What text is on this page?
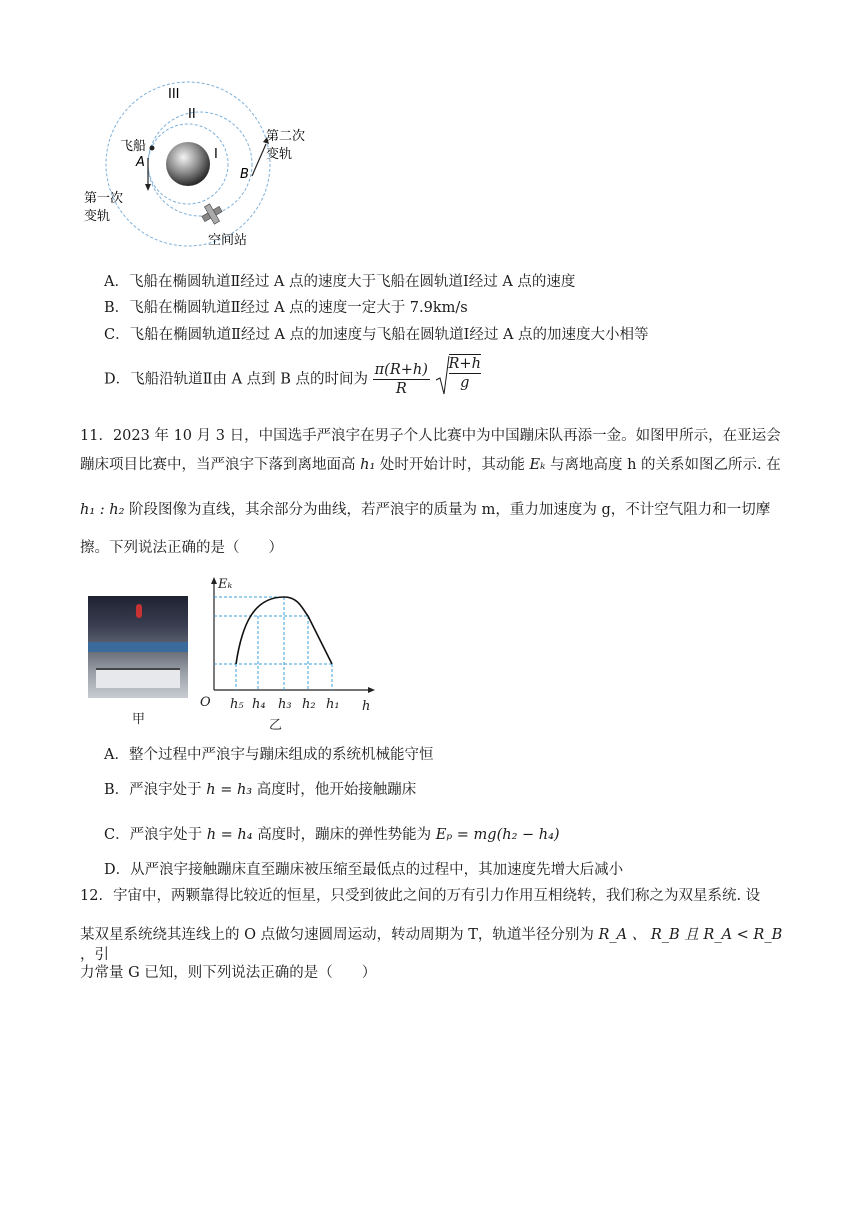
III
II
I
飞船
A
B
第二次
变轨
第一次
变轨
空间站
A．飞船在椭圆轨道Ⅱ经过 A 点的速度大于飞船在圆轨道Ⅰ经过 A 点的速度
B．飞船在椭圆轨道Ⅱ经过 A 点的速度一定大于 7.9km/s
C．飞船在椭圆轨道Ⅱ经过 A 点的加速度与飞船在圆轨道Ⅰ经过 A 点的加速度大小相等
D．飞船沿轨道Ⅱ由 A 点到 B 点的时间为 $\frac{\pi(R+h)}{R}$
$\frac{R+h}{g}$
11．2023 年 10 月 3 日，中国选手严浪宇在男子个人比赛中为中国蹦床队再添一金。如图甲所示，在亚运会
蹦床项目比赛中，当严浪宇下落到离地面高 h₁ 处时开始计时，其动能 Eₖ 与离地高度 h 的关系如图乙所示. 在
h₁ : h₂ 阶段图像为直线，其余部分为曲线，若严浪宇的质量为 m，重力加速度为 g，不计空气阻力和一切摩
擦。下列说法正确的是（　　）
甲
Eₖ
h
O h₅ h₄ h₃ h₂ h₁
乙
A．整个过程中严浪宇与蹦床组成的系统机械能守恒
B．严浪宇处于 h = h₃ 高度时，他开始接触蹦床
C．严浪宇处于 h = h₄ 高度时，蹦床的弹性势能为 Eₚ = mg(h₂ − h₄)
D．从严浪宇接触蹦床直至蹦床被压缩至最低点的过程中，其加速度先增大后减小
12．宇宙中，两颗靠得比较近的恒星，只受到彼此之间的万有引力作用互相绕转，我们称之为双星系统. 设
某双星系统绕其连线上的 O 点做匀速圆周运动，转动周期为 T，轨道半径分别为 R_A 、 R_B 且 R_A < R_B ，引
力常量 G 已知，则下列说法正确的是（　　）
